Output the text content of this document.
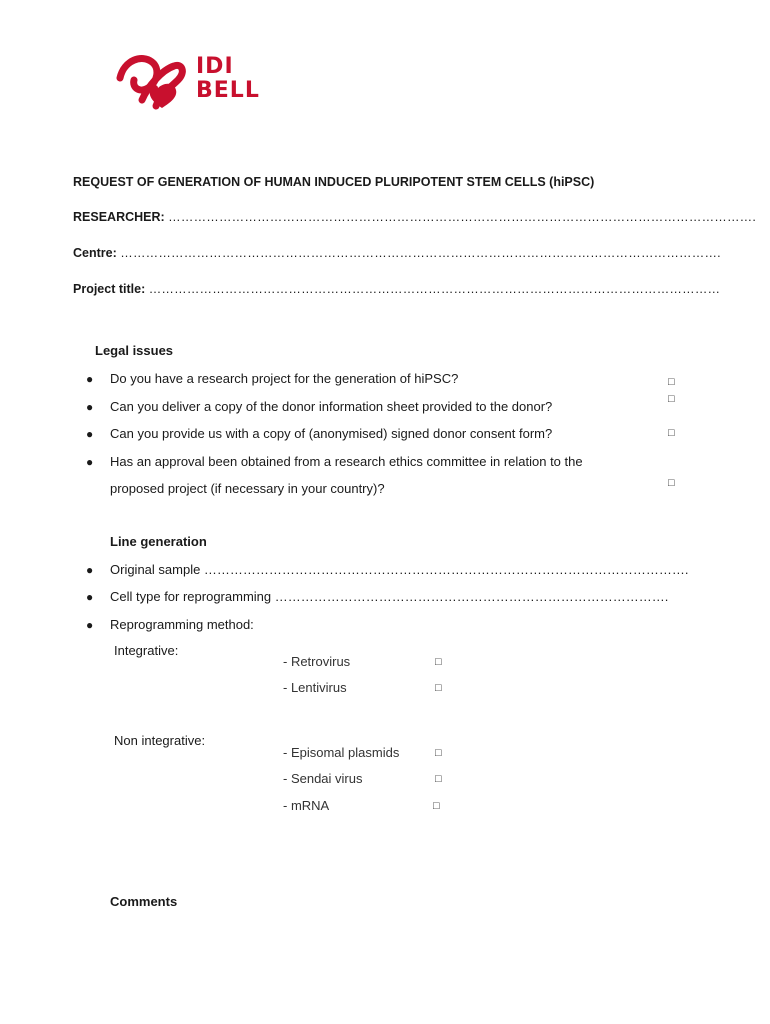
IDI
BELL
REQUEST OF GENERATION OF HUMAN INDUCED PLURIPOTENT STEM CELLS (hiPSC)
RESEARCHER: ………………………………………………………………………………………………………………………….
Centre: …………………………………………………………………………………………………………………………….
Project title: ………………………………………………………………………………………………………………………
Legal issues
● Do you have a research project for the generation of hiPSC?	□
● Can you deliver a copy of the donor information sheet provided to the donor?	□
● Can you provide us with a copy of (anonymised) signed donor consent form?	□
● Has an approval been obtained from a research ethics committee in relation to the
proposed project (if necessary in your country)?	□
Line generation
● Original sample ………………………………………………………………………………………………….
● Cell type for reprogramming ……………………………………………………………………………….
● Reprogramming method:
Integrative:
- Retrovirus	□
- Lentivirus	□
Non integrative:
- Episomal plasmids	□
- Sendai virus	□
- mRNA	□
Comments
